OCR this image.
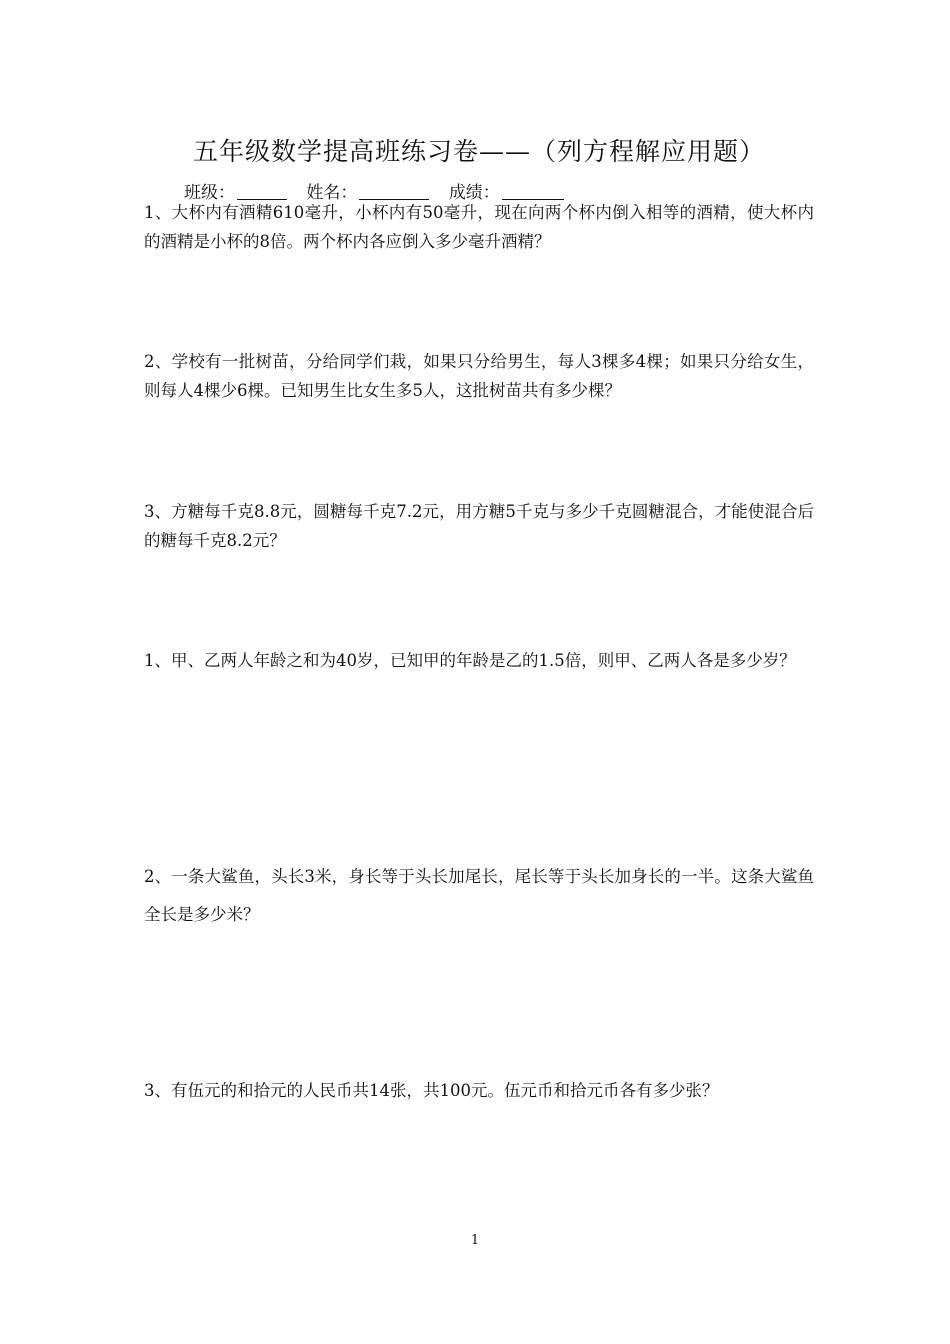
五年级数学提高班练习卷——（列方程解应用题）
班级：	姓名：	成绩：
1、大杯内有酒精610毫升，小杯内有50毫升，现在向两个杯内倒入相等的酒精，使大杯内的酒精是小杯的8倍。两个杯内各应倒入多少毫升酒精？
2、学校有一批树苗，分给同学们栽，如果只分给男生，每人3棵多4棵；如果只分给女生，则每人4棵少6棵。已知男生比女生多5人，这批树苗共有多少棵？
3、方糖每千克8.8元，圆糖每千克7.2元，用方糖5千克与多少千克圆糖混合，才能使混合后的糖每千克8.2元？
1、甲、乙两人年龄之和为40岁，已知甲的年龄是乙的1.5倍，则甲、乙两人各是多少岁？
2、一条大鲨鱼，头长3米，身长等于头长加尾长，尾长等于头长加身长的一半。这条大鲨鱼全长是多少米？
3、有伍元的和拾元的人民币共14张，共100元。伍元币和拾元币各有多少张？
1
